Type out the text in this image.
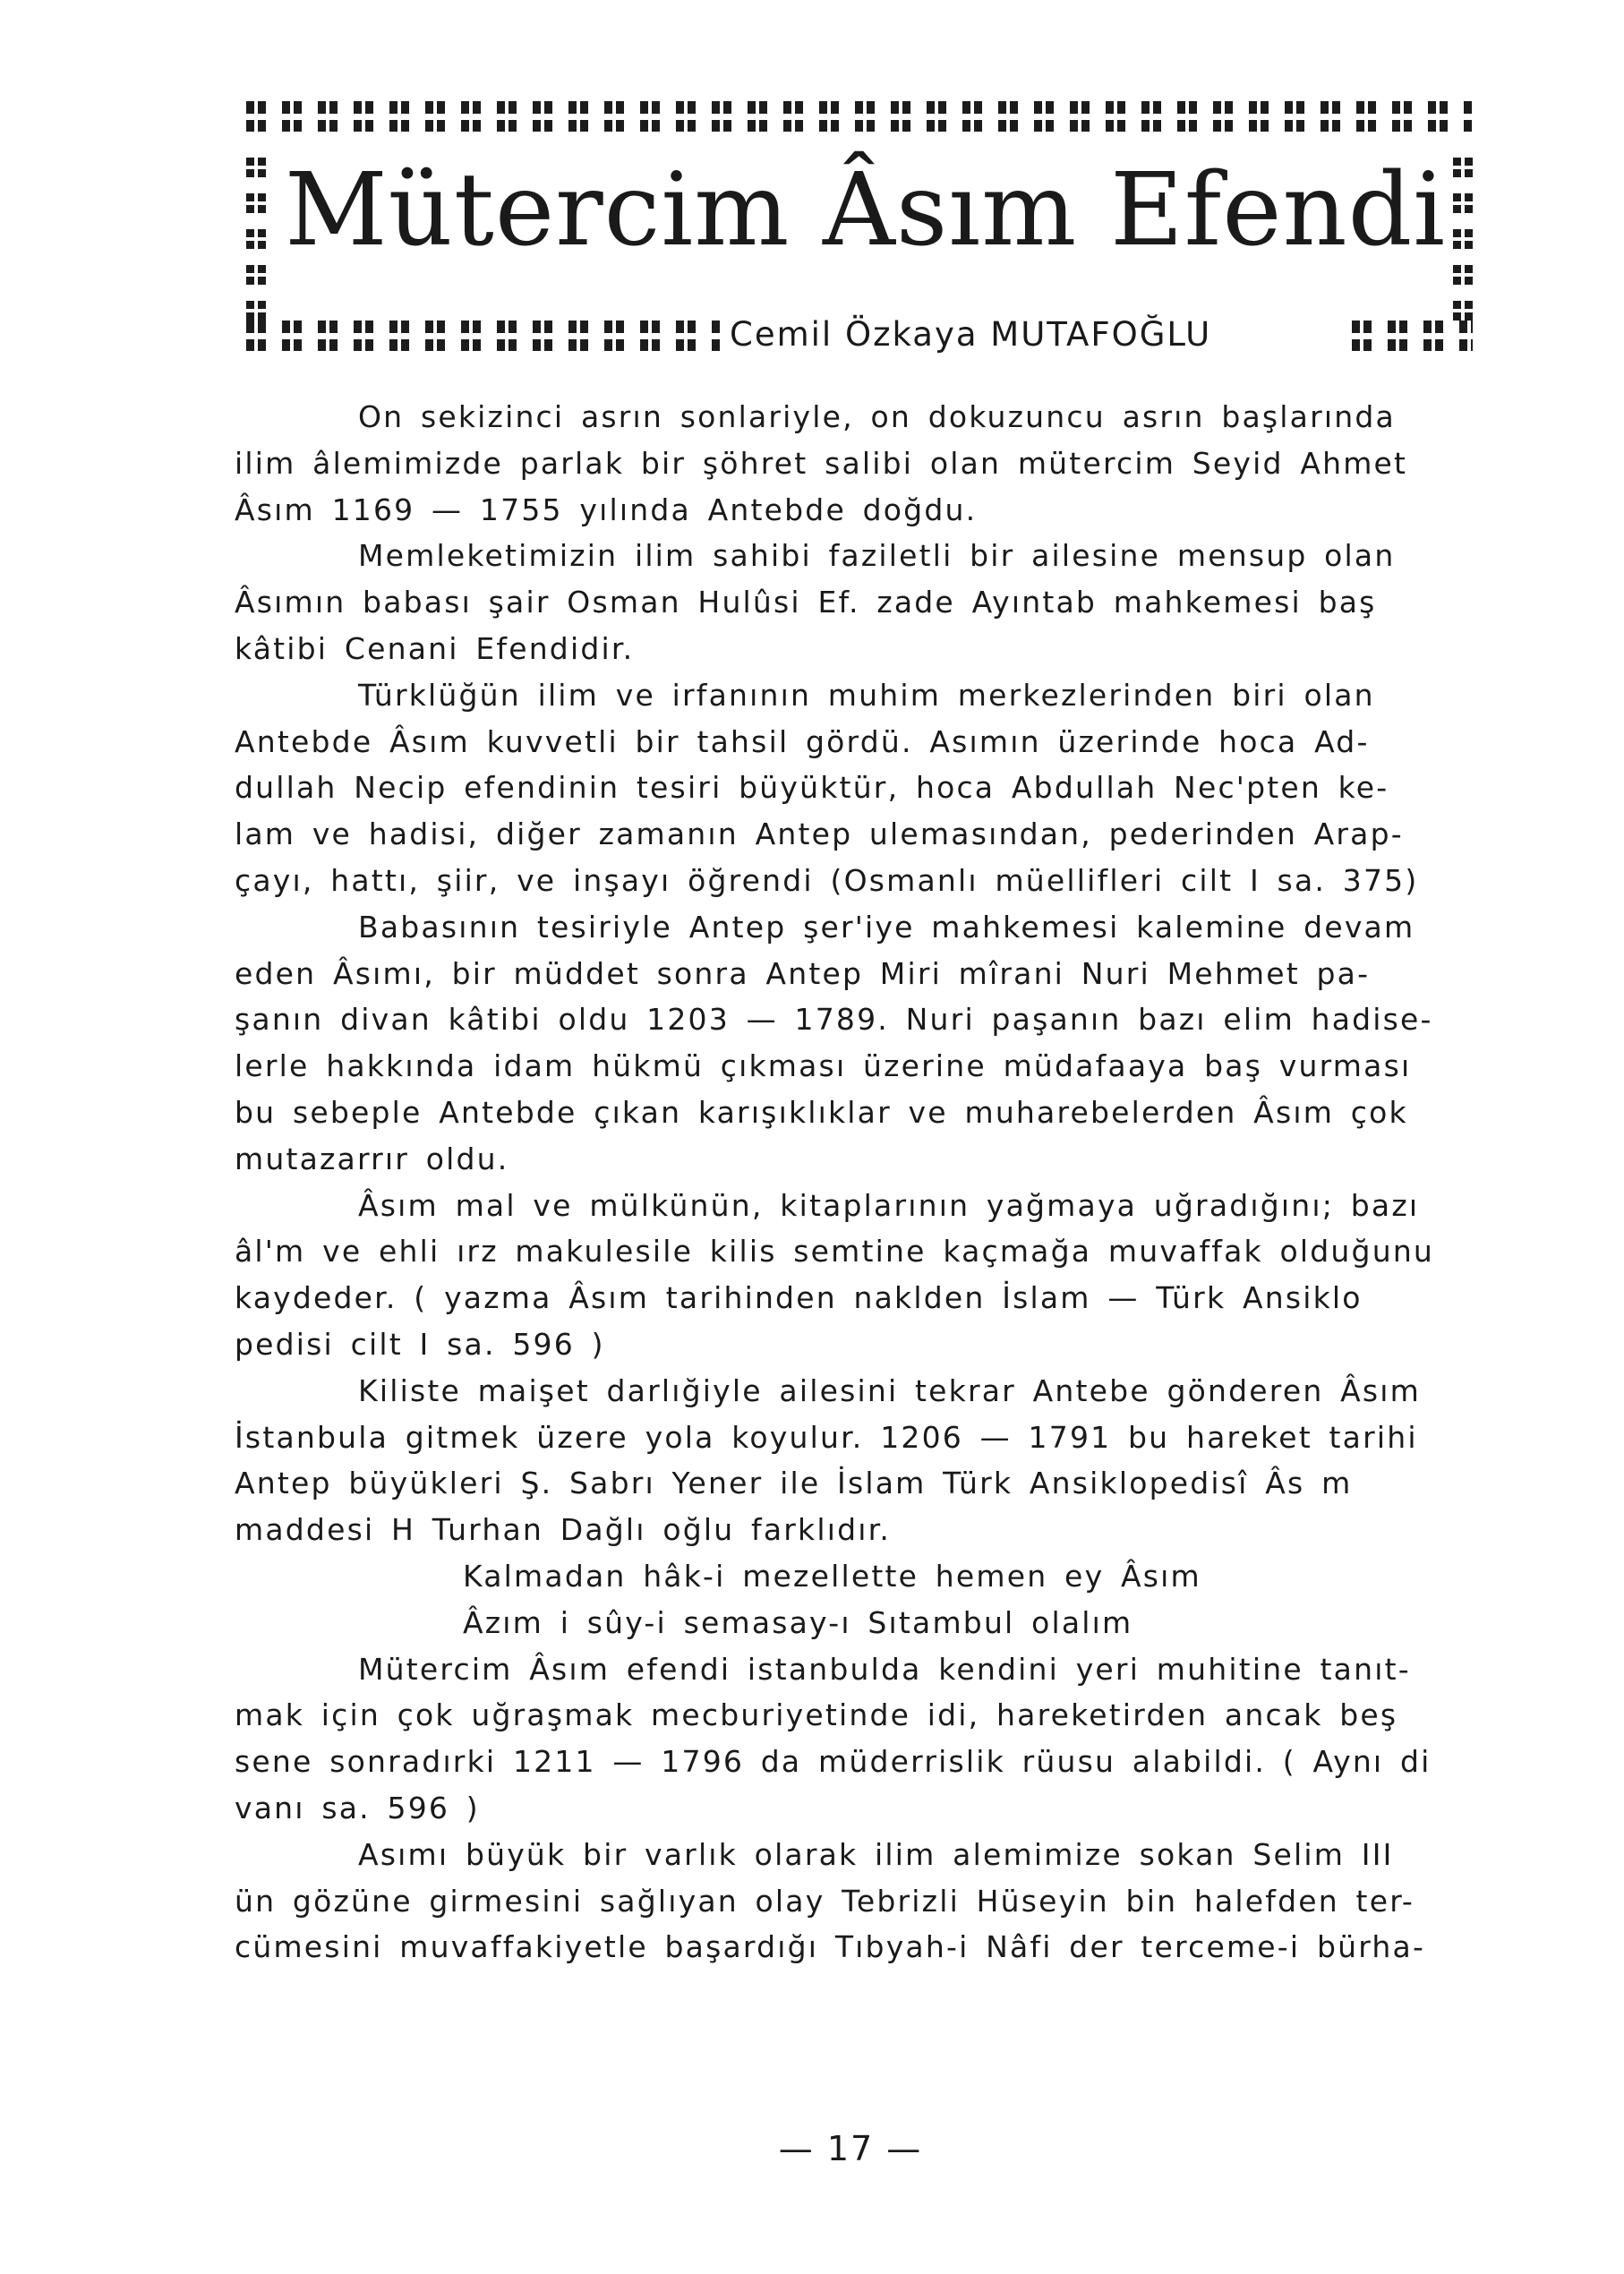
Mütercim Âsım Efendi
Cemil Özkaya MUTAFOĞLU
On sekizinci asrın sonlariyle, on dokuzuncu asrın başlarında
ilim âlemimizde parlak bir şöhret salibi olan mütercim Seyid Ahmet
Âsım 1169 — 1755 yılında Antebde doğdu.
Memleketimizin ilim sahibi faziletli bir ailesine mensup olan
Âsımın babası şair Osman Hulûsi Ef. zade Ayıntab mahkemesi baş
kâtibi Cenani Efendidir.
Türklüğün ilim ve irfanının muhim merkezlerinden biri olan
Antebde Âsım kuvvetli bir tahsil gördü. Asımın üzerinde hoca Ad-
dullah Necip efendinin tesiri büyüktür, hoca Abdullah Nec'pten ke-
lam ve hadisi, diğer zamanın Antep ulemasından, pederinden Arap-
çayı, hattı, şiir, ve inşayı öğrendi (Osmanlı müellifleri cilt I sa. 375)
Babasının tesiriyle Antep şer'iye mahkemesi kalemine devam
eden Âsımı, bir müddet sonra Antep Miri mîrani Nuri Mehmet pa-
şanın divan kâtibi oldu 1203 — 1789. Nuri paşanın bazı elim hadise-
lerle hakkında idam hükmü çıkması üzerine müdafaaya baş vurması
bu sebeple Antebde çıkan karışıklıklar ve muharebelerden Âsım çok
mutazarrır oldu.
Âsım mal ve mülkünün, kitaplarının yağmaya uğradığını; bazı
âl'm ve ehli ırz makulesile kilis semtine kaçmağa muvaffak olduğunu
kaydeder. ( yazma Âsım tarihinden naklden İslam — Türk Ansiklo
pedisi cilt I sa. 596 )
Kiliste maişet darlığiyle ailesini tekrar Antebe gönderen Âsım
İstanbula gitmek üzere yola koyulur. 1206 — 1791 bu hareket tarihi
Antep büyükleri Ş. Sabrı Yener ile İslam Türk Ansiklopedisî Âs m
maddesi H Turhan Dağlı oğlu farklıdır.
Kalmadan hâk-i mezellette hemen ey Âsım
Âzım i sûy-i semasay-ı Sıtambul olalım
Mütercim Âsım efendi istanbulda kendini yeri muhitine tanıt-
mak için çok uğraşmak mecburiyetinde idi, hareketirden ancak beş
sene sonradırki 1211 — 1796 da müderrislik rüusu alabildi. ( Aynı di
vanı sa. 596 )
Asımı büyük bir varlık olarak ilim alemimize sokan Selim III
ün gözüne girmesini sağlıyan olay Tebrizli Hüseyin bin halefden ter-
cümesini muvaffakiyetle başardığı Tıbyah-i Nâfi der terceme-i bürha-
— 17 —
